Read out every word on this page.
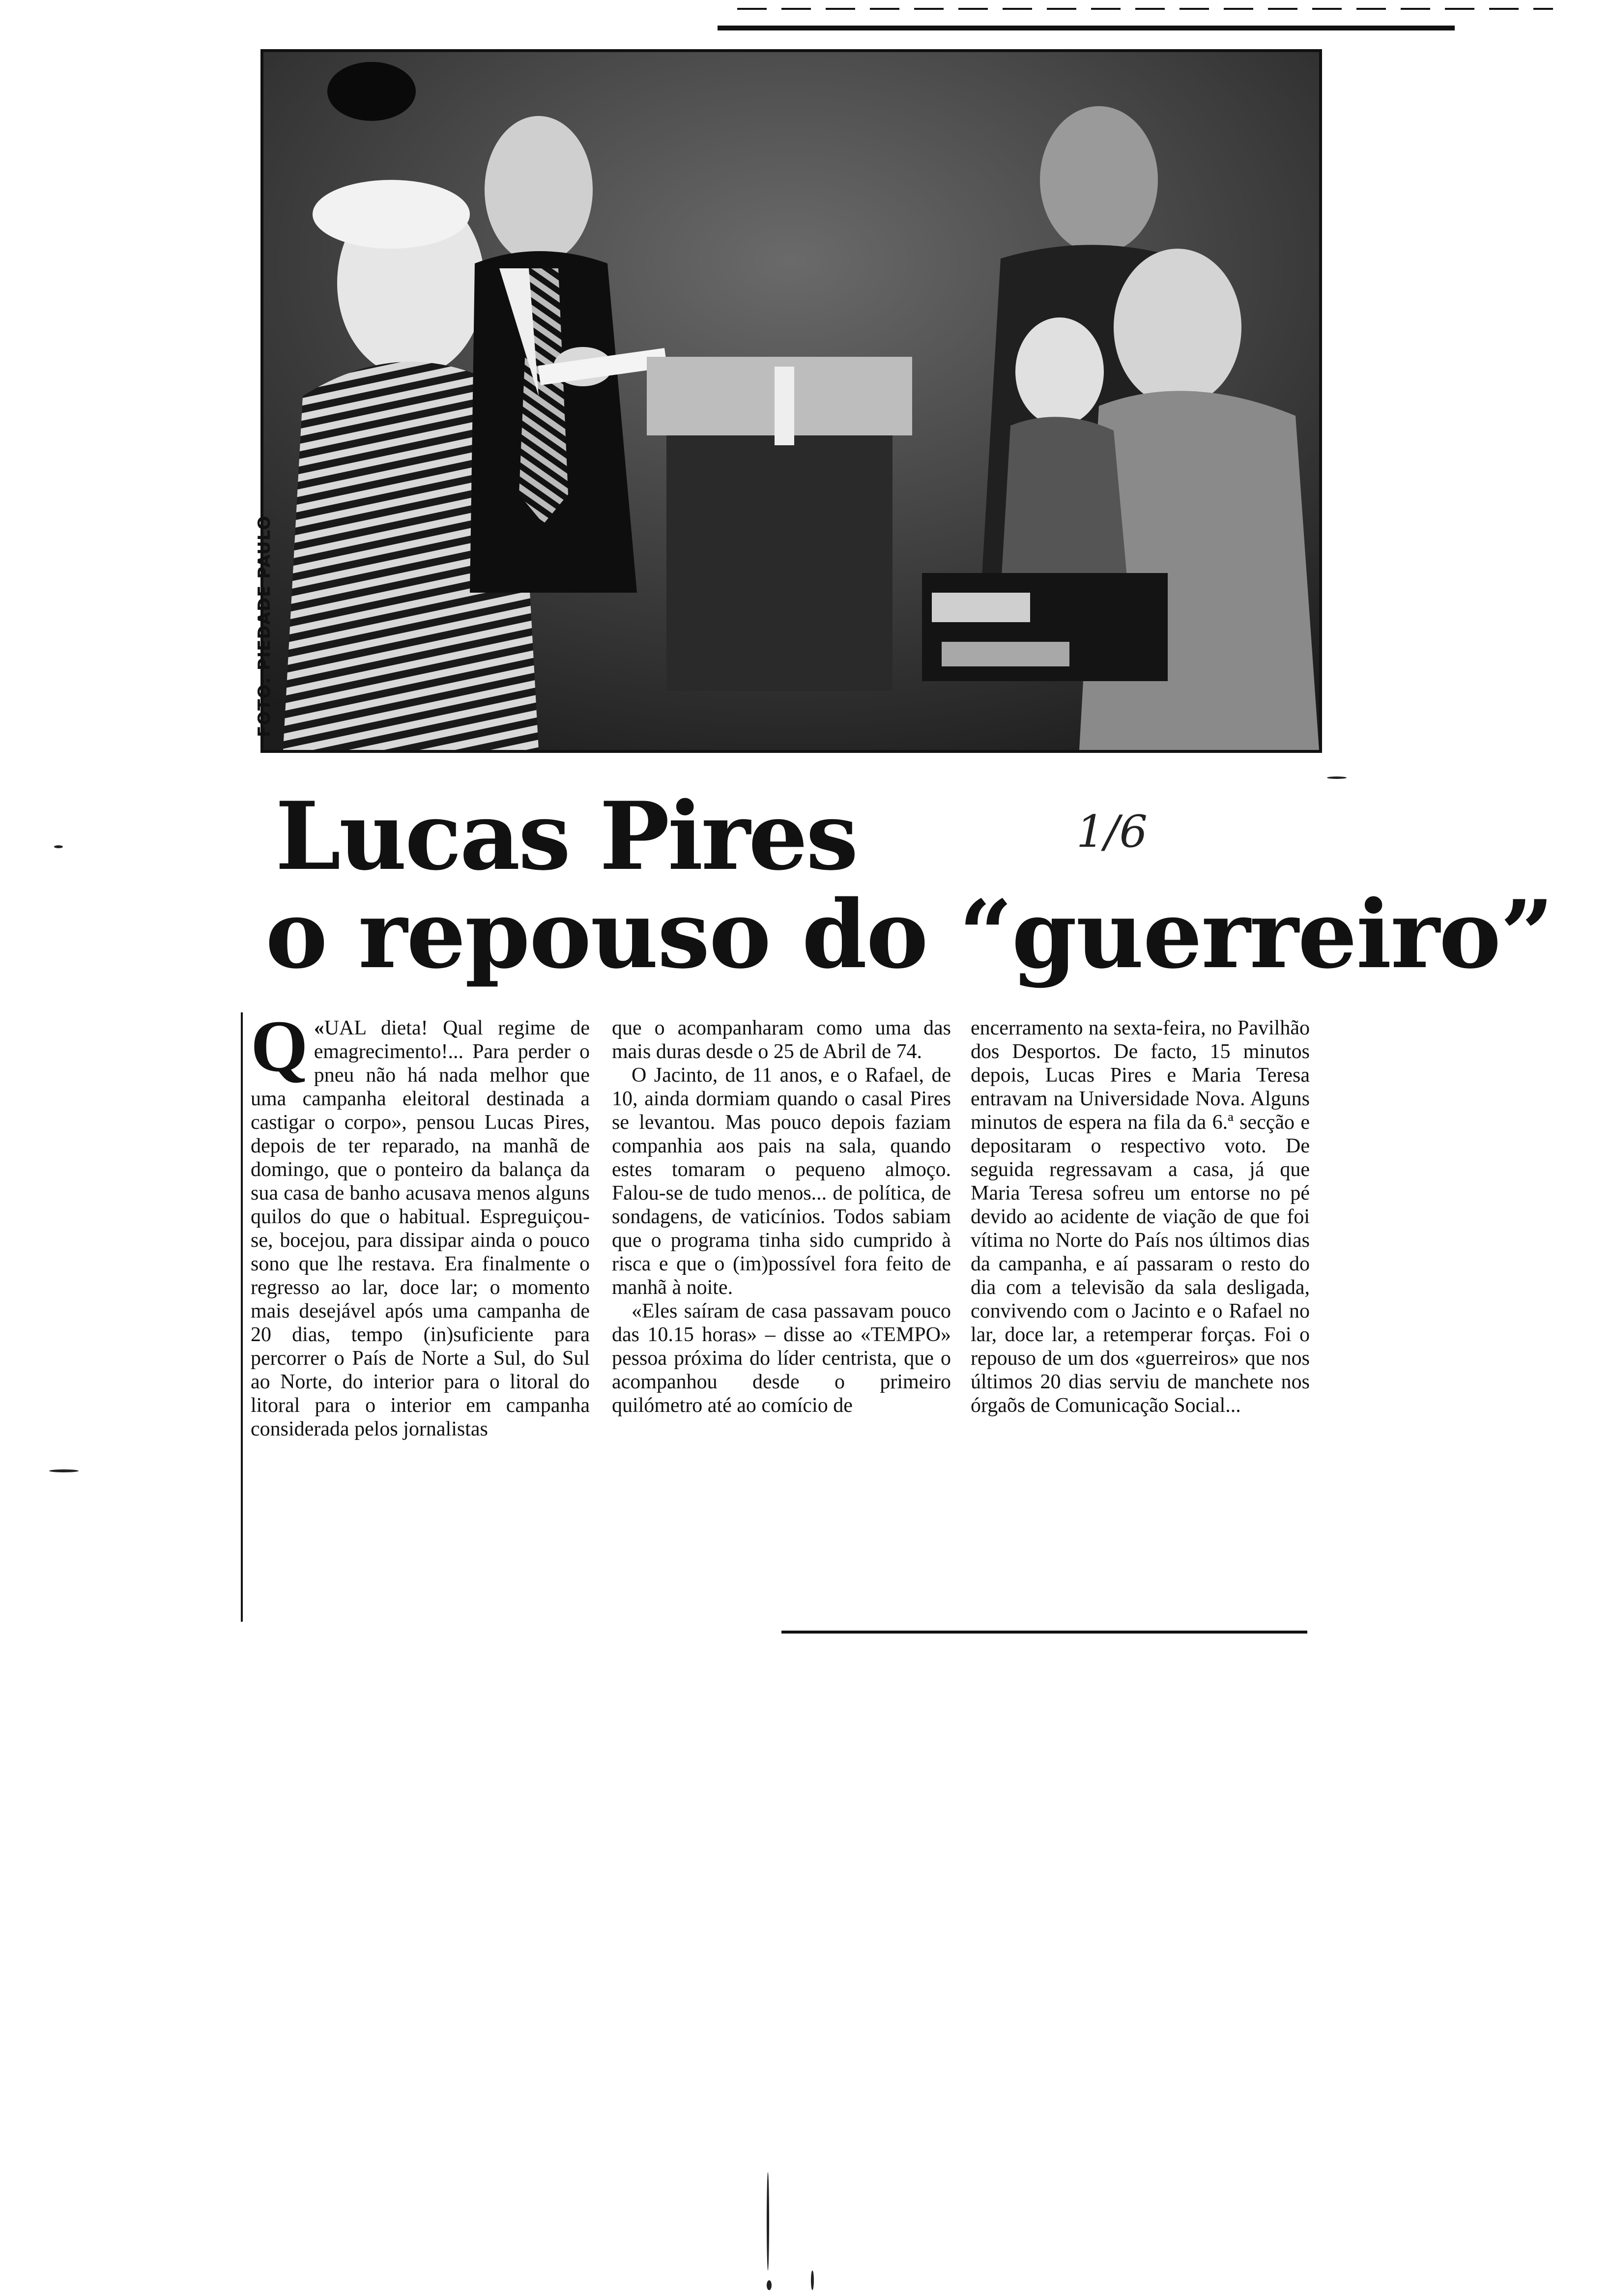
FOTO: PIEDADE PAULO
Lucas Pires
o repouso do “guerreiro”
1/6

«
Q UAL dieta! Qual regime de emagrecimento!... Para perder o pneu não há nada melhor que uma campanha eleitoral destinada a castigar o corpo», pensou Lucas Pires, depois de ter reparado, na manhã de domingo, que o ponteiro da balança da sua casa de banho acusava menos alguns quilos do que o habitual. Espreguiçou-se, bocejou, para dissipar ainda o pouco sono que lhe restava. Era finalmente o regresso ao lar, doce lar; o momento mais desejável após uma campanha de 20 dias, tempo (in)suficiente para percorrer o País de Norte a Sul, do Sul ao Norte, do interior para o litoral do litoral para o interior em campanha considerada pelos jornalistas

que o acompanharam como uma das mais duras desde o 25 de Abril de 74.

O Jacinto, de 11 anos, e o Rafael, de 10, ainda dormiam quando o casal Pires se levantou. Mas pouco depois faziam companhia aos pais na sala, quando estes tomaram o pequeno almoço. Falou-se de tudo menos... de política, de sondagens, de vaticínios. Todos sabiam que o programa tinha sido cumprido à risca e que o (im)possível fora feito de manhã à noite.

«Eles saíram de casa passavam pouco das 10.15 horas» – disse ao «TEMPO» pessoa próxima do líder centrista, que o acompanhou desde o primeiro quilómetro até ao comício de

encerramento na sexta-feira, no Pavilhão dos Desportos. De facto, 15 minutos depois, Lucas Pires e Maria Teresa entravam na Universidade Nova. Alguns minutos de espera na fila da 6.ª secção e depositaram o respectivo voto. De seguida regressavam a casa, já que Maria Teresa sofreu um entorse no pé devido ao acidente de viação de que foi vítima no Norte do País nos últimos dias da campanha, e aí passaram o resto do dia com a televisão da sala desligada, convivendo com o Jacinto e o Rafael no lar, doce lar, a retemperar forças. Foi o repouso de um dos «guerreiros» que nos últimos 20 dias serviu de manchete nos órgaõs de Comunicação Social...
